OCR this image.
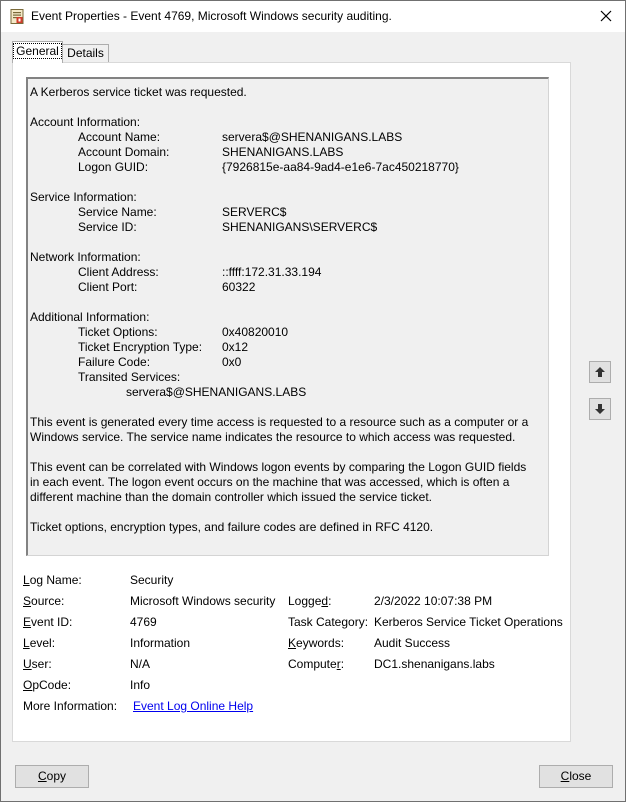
Event Properties - Event 4769, Microsoft Windows security auditing.
General Details
A Kerberos service ticket was requested.
Account Information:
Account Name:	servera$@SHENANIGANS.LABS
Account Domain:	SHENANIGANS.LABS
Logon GUID:	{7926815e-aa84-9ad4-e1e6-7ac450218770}
Service Information:
Service Name:	SERVERC$
Service ID:	SHENANIGANS\SERVERC$
Network Information:
Client Address:	::ffff:172.31.33.194
Client Port:	60322
Additional Information:
Ticket Options:	0x40820010
Ticket Encryption Type: 0x12
Failure Code:	0x0
Transited Services:
servera$@SHENANIGANS.LABS
This event is generated every time access is requested to a resource such as a computer or a Windows service. The service name indicates the resource to which access was requested.
This event can be correlated with Windows logon events by comparing the Logon GUID fields in each event. The logon event occurs on the machine that was accessed, which is often a different machine than the domain controller which issued the service ticket.
Ticket options, encryption types, and failure codes are defined in RFC 4120.
Log Name:	Security
Source:	Microsoft Windows security Logged:	2/3/2022 10:07:38 PM
Event ID:	4769	Task Category: Kerberos Service Ticket Operations
Level:	Information	Keywords: Audit Success
User:	N/A	Computer: DC1.shenanigans.labs
OpCode:	Info
More Information: Event Log Online Help
Copy	Close
